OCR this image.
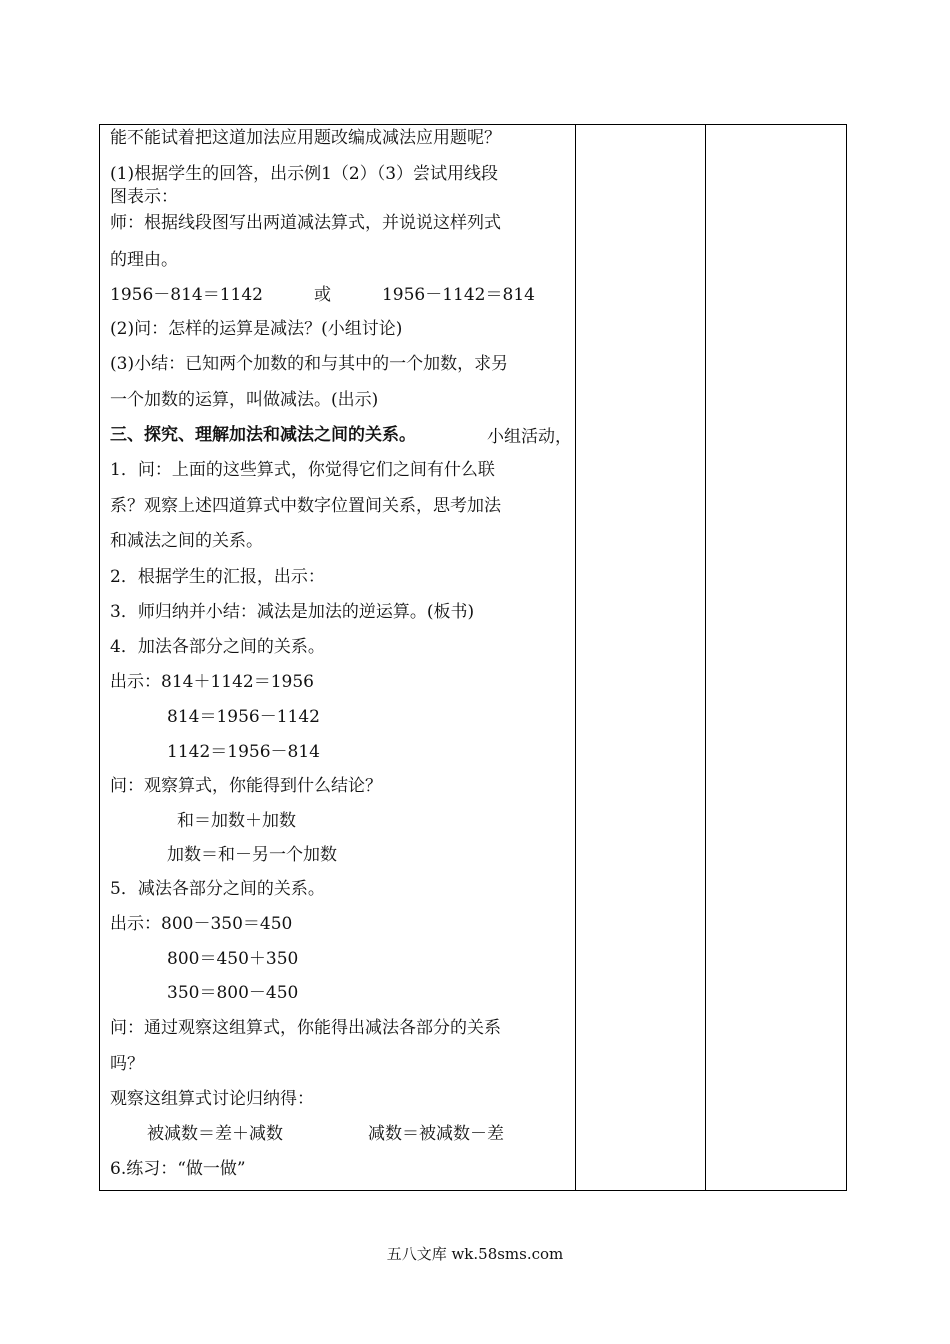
能不能试着把这道加法应用题改编成减法应用题呢？
(1)根据学生的回答，出示例1（2）（3）尝试用线段
图表示：
师：根据线段图写出两道减法算式，并说说这样列式
的理由。
1956－814＝1142　　　或　　　1956－1142＝814
(2)问：怎样的运算是减法？(小组讨论)
(3)小结：已知两个加数的和与其中的一个加数，求另
一个加数的运算，叫做减法。(出示)
三、探究、理解加法和减法之间的关系。
1．问：上面的这些算式，你觉得它们之间有什么联
系？观察上述四道算式中数字位置间关系，思考加法
和减法之间的关系。
2．根据学生的汇报，出示：
3．师归纳并小结：减法是加法的逆运算。(板书)
4．加法各部分之间的关系。
出示：814＋1142＝1956
814＝1956－1142
1142＝1956－814
问：观察算式，你能得到什么结论？
和＝加数＋加数
加数＝和－另一个加数
5．减法各部分之间的关系。
出示：800－350＝450
800＝450＋350
350＝800－450
问：通过观察这组算式，你能得出减法各部分的关系
吗？
观察这组算式讨论归纳得：
被减数＝差＋减数　　　　　减数＝被减数－差
6.练习：“做一做”
小组活动，
五八文库 wk.58sms.com
